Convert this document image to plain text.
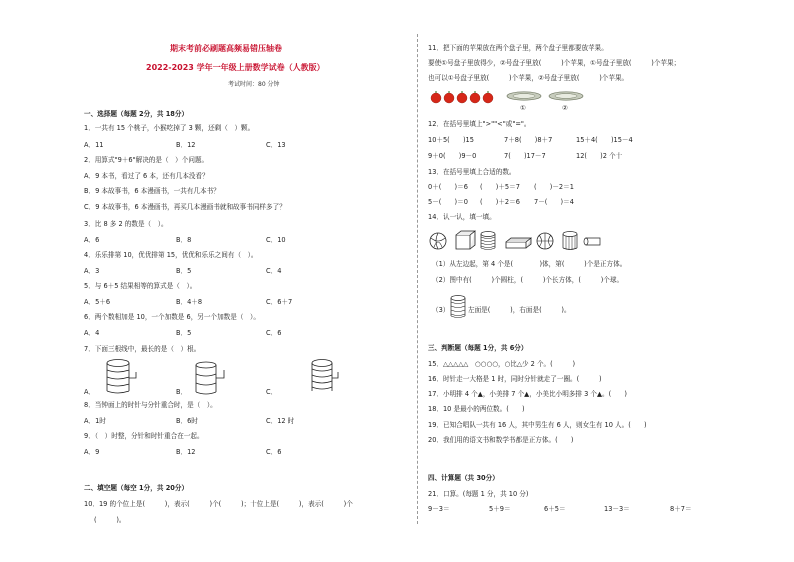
期末考前必刷题高频易错压轴卷
2022-2023 学年一年级上册数学试卷（人教版）
考试时间：80 分钟
一、选择题（每题 2分，共 18分）
1．一共有 15 个桃子，小猴吃掉了 3 颗，还剩（　）颗。
A．11	B．12	C．13
2．用算式"9＋6"解决的是（　）个问题。
A．9 本书，看过了 6 本，还有几本没看？
B．9 本故事书，6 本漫画书，一共有几本书？
C．9 本故事书，6 本漫画书，再买几本漫画书就和故事书同样多了？
3．比 8 多 2 的数是（　）。
A．6	B．8	C．10
4．乐乐排第 10，优优排第 15，优优和乐乐之间有（　）。
A．3	B．5	C．4
5．与 6＋5 结果相等的算式是（　）。
A．5＋6	B．4＋8	C．6＋7
6．两个数相加是 10，一个加数是 6，另一个加数是（　）。
A．4	B．5	C．6
7．下面三根线中，最长的是（　）根。
A．	B．	C．
8．当钟面上的时针与分针重合时，是（　）。
A．1时	B．6时	C．12 时
9．（　）时整，分针和时针重合在一起。
A．9	B．12	C．6
二、填空题（每空 1分，共 20分）
10．19 的个位上是(　　　)，表示(　　　)个(　　　)；十位上是(　　　)，表示(　　　)个
(　　　)。
11．把下面的苹果放在两个盘子里，两个盘子里都要放苹果。
要使①号盘子里放得少，②号盘子里放(　　　)个苹果，①号盘子里放(　　　)个苹果；
也可以①号盘子里放(　　　)个苹果，②号盘子里放(　　　)个苹果。
①	②
12．在括号里填上">""<"或"="。
10＋5(　　)15	7＋8(　　)8＋7	15＋4(　　)15－4
9＋0(　　)9－0	7(　　)17－7	12(　　)2 个十
13．在括号里填上合适的数。
0＋(　　)＝6 (　　)＋5＝7 (　　)－2＝1
5－(　　)＝0 (　　)＋2＝6 7－(　　)＝4
14．认一认，填一填。
（1）从左边起，第 4 个是(　　　　)体，第(　　　)个是正方体。
（2）图中有(　　　)个圆柱，(　　　)个长方体，(　　　)个球。
（3）	左面是(　　　)，右面是(　　　)。
三、判断题（每题 1分，共 6分）
15．△△△△△　○○○○，○比△少 2 个。(　　　)
16．时针走一大格是 1 时，同时分针就走了一圈。(　　　)
17．小明排 4 个▲，小美排 7 个▲，小美比小明多排 3 个▲。(　　)
18．10 是最小的两位数。(　　)
19．已知合唱队一共有 16 人，其中男生有 6 人，则女生有 10 人。(　　)
20．我们用的语文书和数学书都是正方体。(　　)
四、计算题（共 30分）
21．口算。(每题 1 分，共 10 分)
9－3＝	5＋9＝	6＋5＝	13－3＝	8＋7＝
